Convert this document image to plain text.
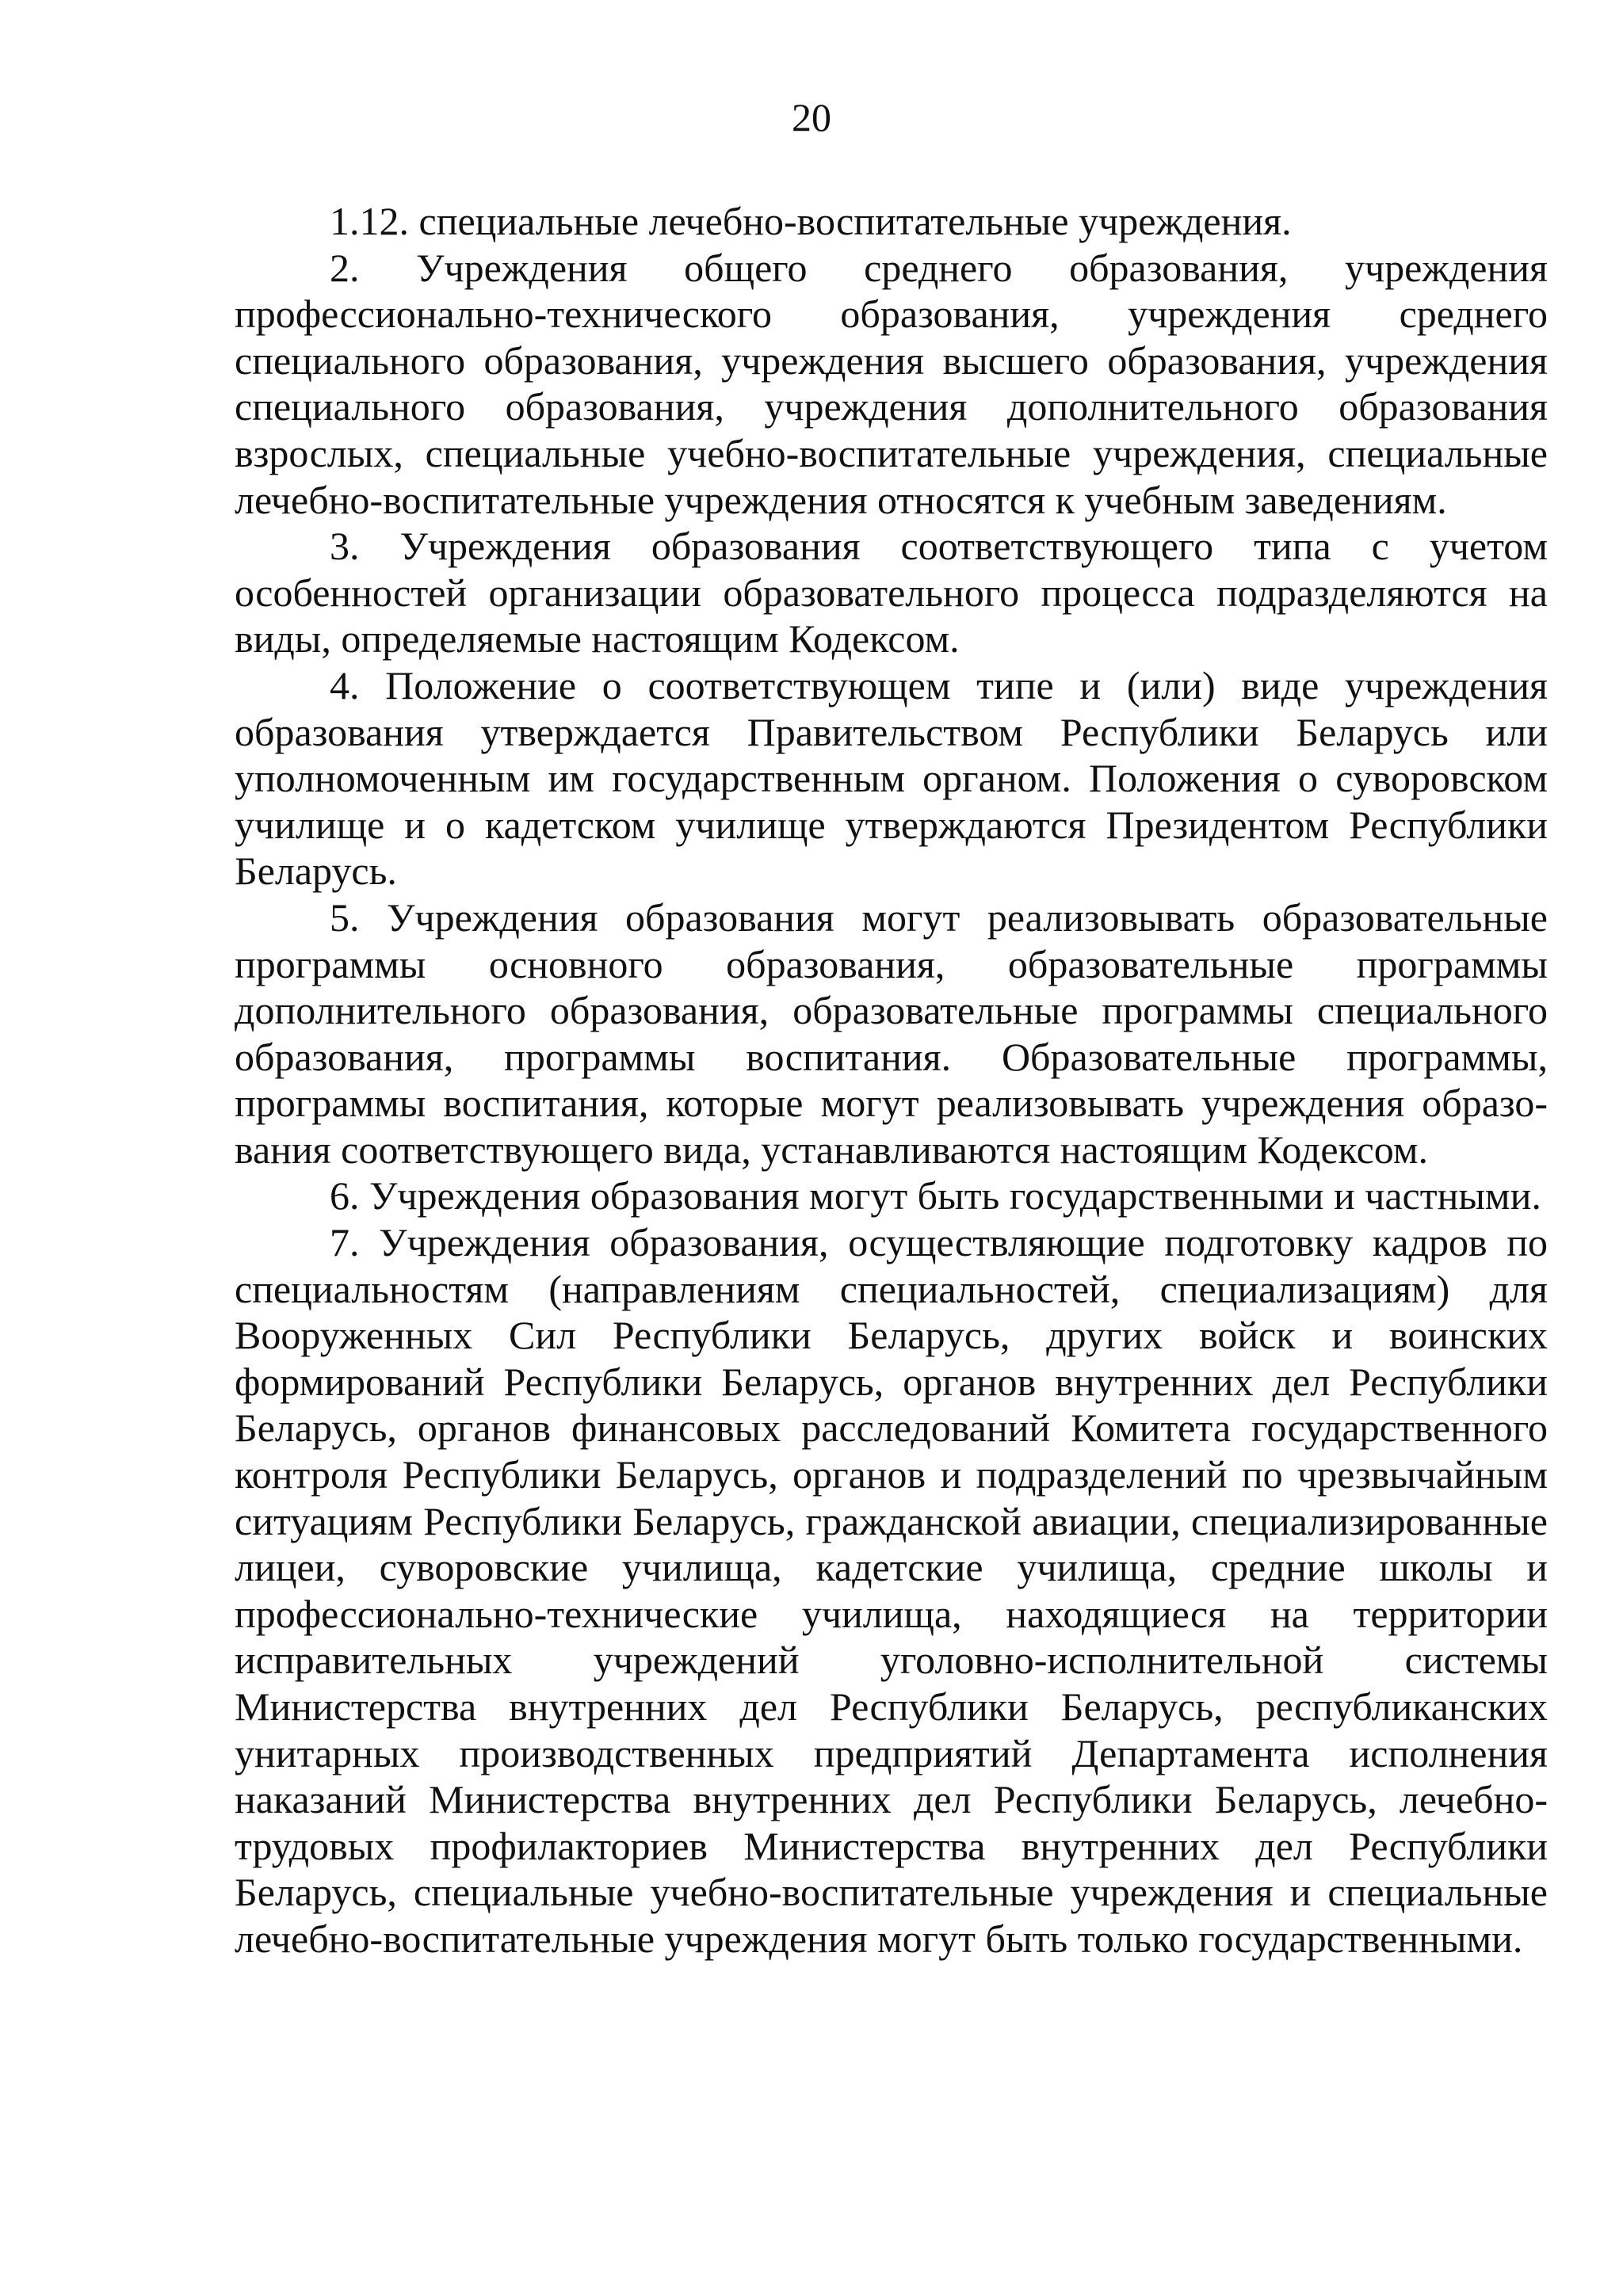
20

1.12. специальные лечебно-воспитательные учреждения.

2. Учреждения общего среднего образования, учреждения профессионально-технического образования, учреждения среднего специального образования, учреждения высшего образования, учреждения специального образования, учреждения дополнительного образования взрослых, специальные учебно-воспитательные учреждения, специальные лечебно-воспитательные учреждения относятся к учебным заведениям.

3. Учреждения образования соответствующего типа с учетом особенностей организации образовательного процесса подразделяются на виды, определяемые настоящим Кодексом.

4. Положение о соответствующем типе и (или) виде учреждения образования утверждается Правительством Республики Беларусь или уполномоченным им государственным органом. Положения о суворовском училище и о кадетском училище утверждаются Президентом Республики Беларусь.

5. Учреждения образования могут реализовывать образовательные программы основного образования, образовательные программы дополнительного образования, образовательные программы специального образования, программы воспитания. Образовательные программы, программы воспитания, которые могут реализовывать учреждения образования соответствующего вида, устанавливаются настоящим Кодексом.

6. Учреждения образования могут быть государственными и частными.

7. Учреждения образования, осуществляющие подготовку кадров по специальностям (направлениям специальностей, специализациям) для Вооруженных Сил Республики Беларусь, других войск и воинских формирований Республики Беларусь, органов внутренних дел Республики Беларусь, органов финансовых расследований Комитета государственного контроля Республики Беларусь, органов и подразделений по чрезвычайным ситуациям Республики Беларусь, гражданской авиации, специализированные лицеи, суворовские училища, кадетские училища, средние школы и профессионально-технические училища, находящиеся на территории исправительных учреждений уголовно-исполнительной системы Министерства внутренних дел Республики Беларусь, республиканских унитарных производственных предприятий Департамента исполнения наказаний Министерства внутренних дел Республики Беларусь, лечебно-трудовых профилакториев Министерства внутренних дел Республики Беларусь, специальные учебно-воспитательные учреждения и специальные лечебно-воспитательные учреждения могут быть только государственными.
